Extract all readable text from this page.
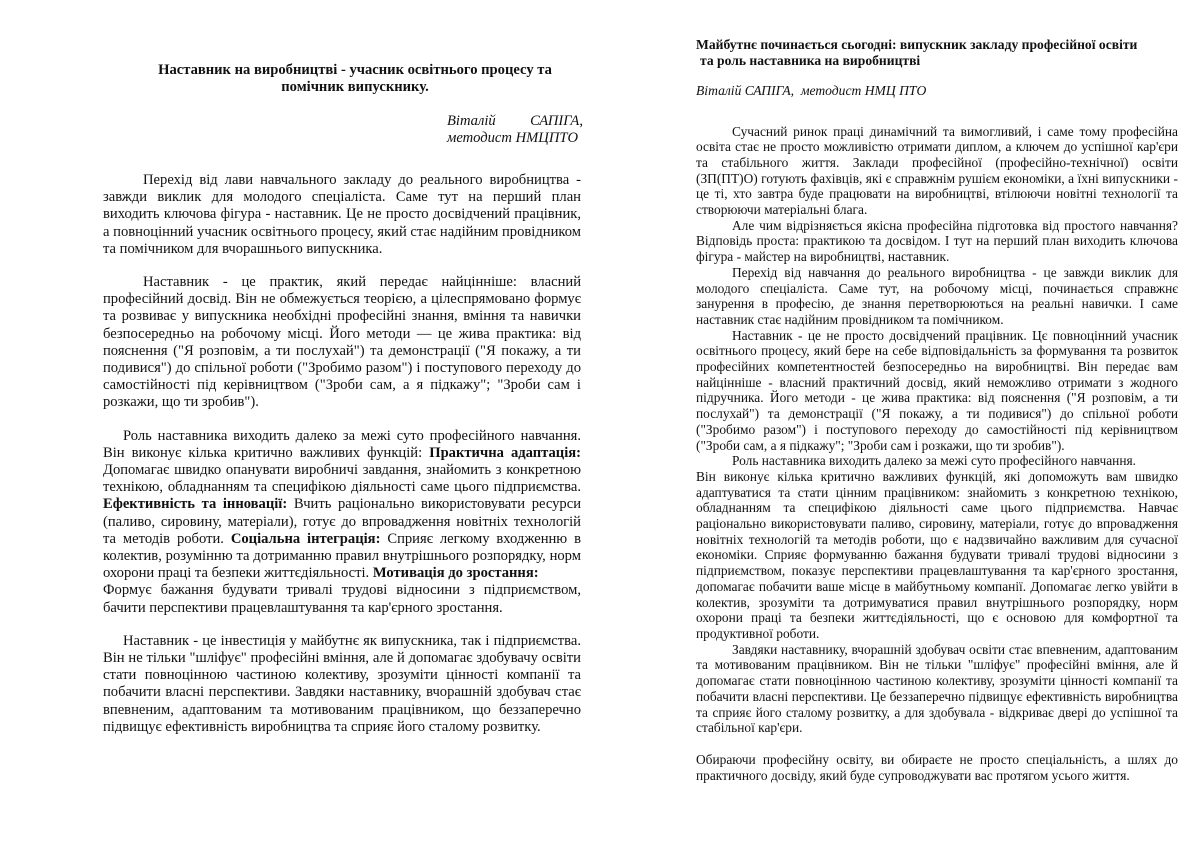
Наставник на виробництві - учасник освітнього процесу та помічник випускнику.
Віталій САПІГА,
методист НМЦПТО

Перехід від лави навчального закладу до реального виробництва - завжди виклик для молодого спеціаліста. Саме тут на перший план виходить ключова фігура - наставник. Це не просто досвідчений працівник, а повноцінний учасник освітнього процесу, який стає надійним провідником та помічником для вчорашнього випускника.

Наставник - це практик, який передає найцінніше: власний професійний досвід. Він не обмежується теорією, а цілеспрямовано формує та розвиває у випускника необхідні професійні знання, вміння та навички безпосередньо на робочому місці. Його методи — це жива практика: від пояснення ("Я розповім, а ти послухай") та демонстрації ("Я покажу, а ти подивися") до спільної роботи ("Зробимо разом") і поступового переходу до самостійності під керівництвом ("Зроби сам, а я підкажу"; "Зроби сам і розкажи, що ти зробив").

Роль наставника виходить далеко за межі суто професійного навчання. Він виконує кілька критично важливих функцій: Практична адаптація: Допомагає швидко опанувати виробничі завдання, знайомить з конкретною технікою, обладнанням та специфікою діяльності саме цього підприємства. Ефективність та інновації: Вчить раціонально використовувати ресурси (паливо, сировину, матеріали), готує до впровадження новітніх технологій та методів роботи. Соціальна інтеграція: Сприяє легкому входженню в колектив, розумінню та дотриманню правил внутрішнього розпорядку, норм охорони праці та безпеки життєдіяльності. Мотивація до зростання:
Формує бажання будувати тривалі трудові відносини з підприємством, бачити перспективи працевлаштування та кар'єрного зростання.

Наставник - це інвестиція у майбутнє як випускника, так і підприємства. Він не тільки "шліфує" професійні вміння, але й допомагає здобувачу освіти стати повноцінною частиною колективу, зрозуміти цінності компанії та побачити власні перспективи. Завдяки наставнику, вчорашній здобувач стає впевненим, адаптованим та мотивованим працівником, що беззаперечно підвищує ефективність виробництва та сприяє його сталому розвитку.

Майбутнє починається сьогодні: випускник закладу професійної освіти
та роль наставника на виробництві
Віталій САПІГА,  методист НМЦ ПТО

Сучасний ринок праці динамічний та вимогливий, і саме тому професійна освіта стає не просто можливістю отримати диплом, а ключем до успішної кар'єри та стабільного життя. Заклади професійної (професійно-технічної) освіти (ЗП(ПТ)О) готують фахівців, які є справжнім рушієм економіки, а їхні випускники - це ті, хто завтра буде працювати на виробництві, втілюючи новітні технології та створюючи матеріальні блага.

Але чим відрізняється якісна професійна підготовка від простого навчання? Відповідь проста: практикою та досвідом. І тут на перший план виходить ключова фігура - майстер на виробництві, наставник.

Перехід від навчання до реального виробництва - це завжди виклик для молодого спеціаліста. Саме тут, на робочому місці, починається справжнє занурення в професію, де знання перетворюються на реальні навички. І саме наставник стає надійним провідником та помічником.

Наставник - це не просто досвідчений працівник. Цє повноцінний учасник освітнього процесу, який бере на себе відповідальність за формування та розвиток професійних компетентностей безпосередньо на виробництві. Він передає вам найцінніше - власний практичний досвід, який неможливо отримати з жодного підручника. Його методи - це жива практика: від пояснення ("Я розповім, а ти послухай") та демонстрації ("Я покажу, а ти подивися") до спільної роботи ("Зробимо разом") і поступового переходу до самостійності під керівництвом ("Зроби сам, а я підкажу"; "Зроби сам і розкажи, що ти зробив").

Роль наставника виходить далеко за межі суто професійного навчання.

Він виконує кілька критично важливих функцій, які допоможуть вам швидко адаптуватися та стати цінним працівником: знайомить з конкретною технікою, обладнанням та специфікою діяльності саме цього підприємства. Навчає раціонально використовувати паливо, сировину, матеріали, готує до впровадження новітніх технологій та методів роботи, що є надзвичайно важливим для сучасної економіки. Сприяє формуванню бажання будувати тривалі трудові відносини з підприємством, показує перспективи працевлаштування та кар'єрного зростання, допомагає побачити ваше місце в майбутньому компанії. Допомагає легко увійти в колектив, зрозуміти та дотримуватися правил внутрішнього розпорядку, норм охорони праці та безпеки життєдіяльності, що є основою для комфортної та продуктивної роботи.

Завдяки наставнику, вчорашній здобувач освіти стає впевненим, адаптованим та мотивованим працівником. Він не тільки "шліфує" професійні вміння, але й допомагає стати повноцінною частиною колективу, зрозуміти цінності компанії та побачити власні перспективи. Це беззаперечно підвищує ефективність виробництва та сприяє його сталому розвитку, а для здобувала - відкриває двері до успішної та стабільної кар'єри.

Обираючи професійну освіту, ви обираєте не просто спеціальність, а шлях до практичного досвіду, який буде супроводжувати вас протягом усього життя.
